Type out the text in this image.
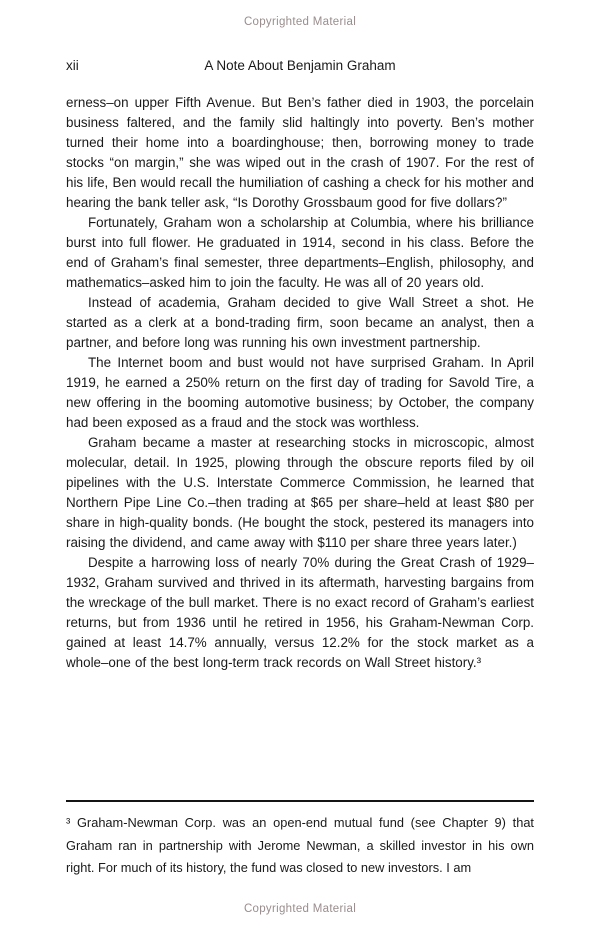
Copyrighted Material
xii	A Note About Benjamin Graham

erness–on upper Fifth Avenue. But Ben’s father died in 1903, the porcelain business faltered, and the family slid haltingly into poverty. Ben’s mother turned their home into a boardinghouse; then, borrowing money to trade stocks “on margin,” she was wiped out in the crash of 1907. For the rest of his life, Ben would recall the humiliation of cashing a check for his mother and hearing the bank teller ask, “Is Dorothy Grossbaum good for five dollars?”

Fortunately, Graham won a scholarship at Columbia, where his brilliance burst into full flower. He graduated in 1914, second in his class. Before the end of Graham’s final semester, three departments–English, philosophy, and mathematics–asked him to join the faculty. He was all of 20 years old.

Instead of academia, Graham decided to give Wall Street a shot. He started as a clerk at a bond-trading firm, soon became an analyst, then a partner, and before long was running his own investment partnership.

The Internet boom and bust would not have surprised Graham. In April 1919, he earned a 250% return on the first day of trading for Savold Tire, a new offering in the booming automotive business; by October, the company had been exposed as a fraud and the stock was worthless.

Graham became a master at researching stocks in microscopic, almost molecular, detail. In 1925, plowing through the obscure reports filed by oil pipelines with the U.S. Interstate Commerce Commission, he learned that Northern Pipe Line Co.–then trading at $65 per share–held at least $80 per share in high-quality bonds. (He bought the stock, pestered its managers into raising the dividend, and came away with $110 per share three years later.)

Despite a harrowing loss of nearly 70% during the Great Crash of 1929–1932, Graham survived and thrived in its aftermath, harvesting bargains from the wreckage of the bull market. There is no exact record of Graham’s earliest returns, but from 1936 until he retired in 1956, his Graham-Newman Corp. gained at least 14.7% annually, versus 12.2% for the stock market as a whole–one of the best long-term track records on Wall Street history.³

³ Graham-Newman Corp. was an open-end mutual fund (see Chapter 9) that Graham ran in partnership with Jerome Newman, a skilled investor in his own right. For much of its history, the fund was closed to new investors. I am

Copyrighted Material
